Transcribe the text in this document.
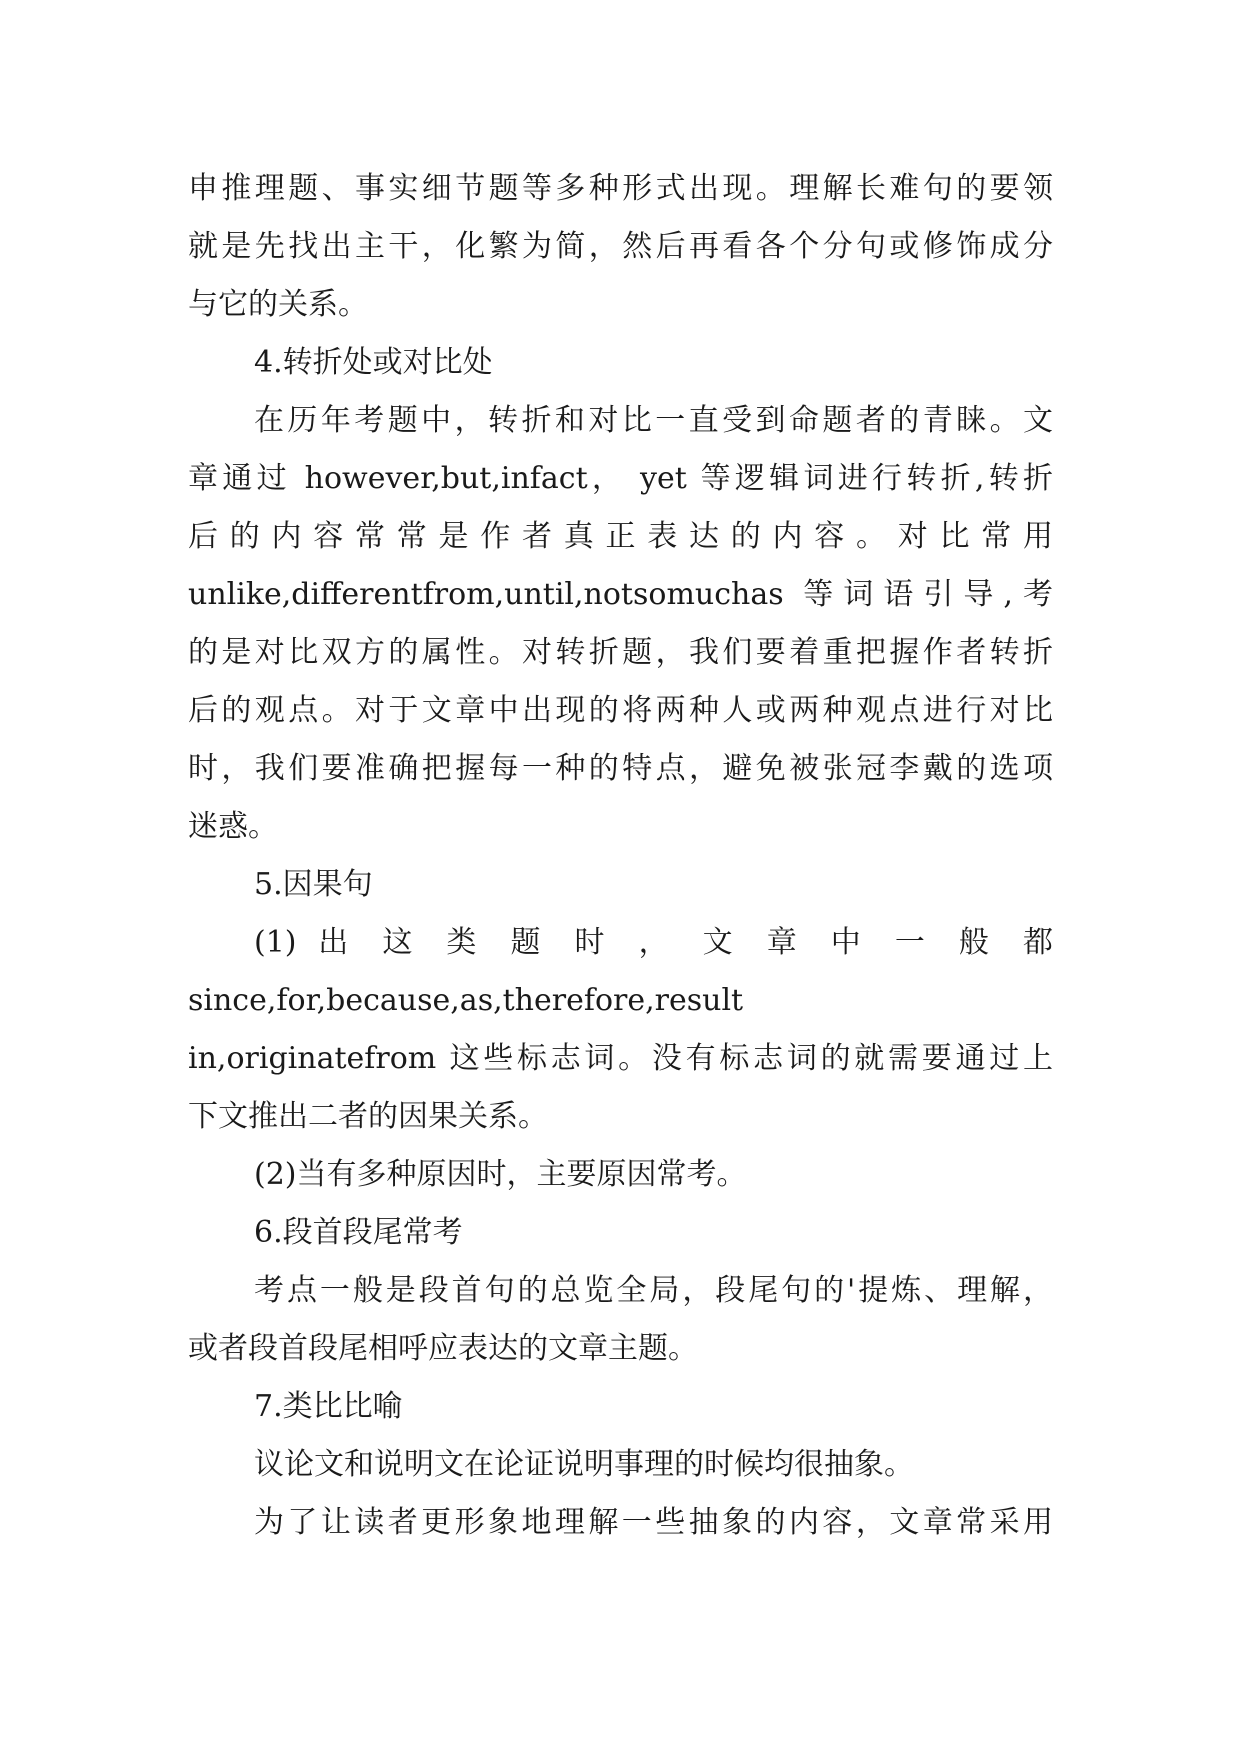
申推理题、事实细节题等多种形式出现。理解长难句的要领
就是先找出主干，化繁为简，然后再看各个分句或修饰成分
与它的关系。
4.转折处或对比处
在历年考题中，转折和对比一直受到命题者的青睐。文
章通过 however,but,infact， yet 等逻辑词进行转折,转折
后 的 内 容 常 常 是 作 者 真 正 表 达 的 内 容 。 对 比 常 用
unlike,differentfrom,until,notsomuchas 等词语引导,考
的是对比双方的属性。对转折题，我们要着重把握作者转折
后的观点。对于文章中出现的将两种人或两种观点进行对比
时，我们要准确把握每一种的特点，避免被张冠李戴的选项
迷惑。
5.因果句
(1) 出 这 类 题 时 ， 文 章 中 一 般 都
since,for,because,as,therefore,result
in,originatefrom 这些标志词。没有标志词的就需要通过上
下文推出二者的因果关系。
(2)当有多种原因时，主要原因常考。
6.段首段尾常考
考点一般是段首句的总览全局，段尾句的'提炼、理解，
或者段首段尾相呼应表达的文章主题。
7.类比比喻
议论文和说明文在论证说明事理的时候均很抽象。
为了让读者更形象地理解一些抽象的内容，文章常采用
